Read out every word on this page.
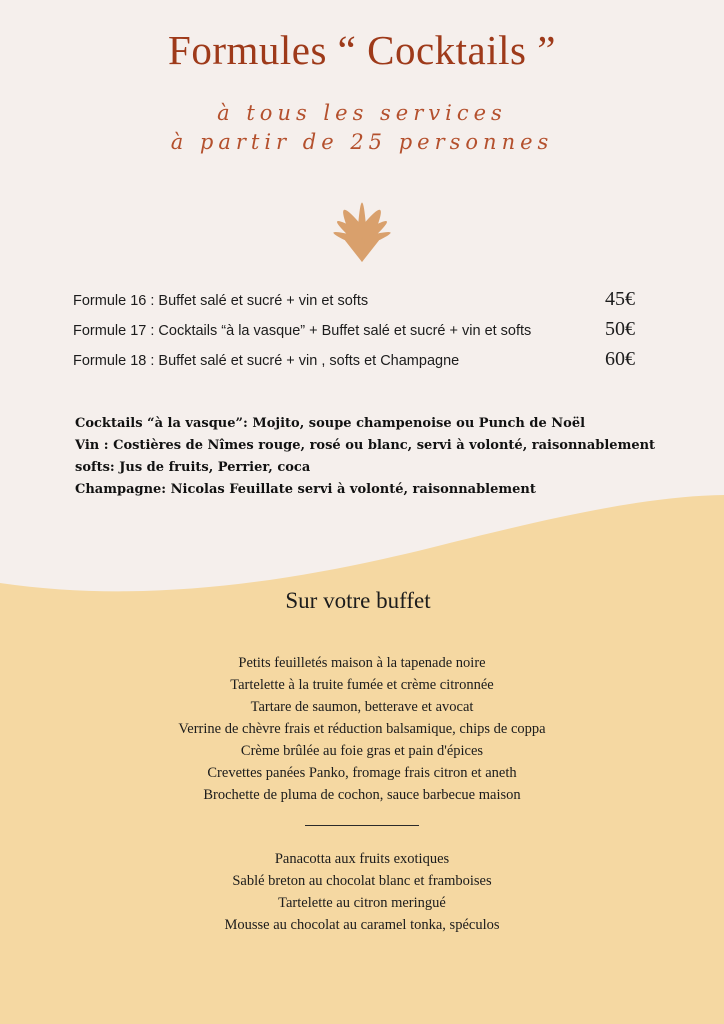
Formules “ Cocktails ”
à tous les services
à partir de 25 personnes
Formule 16 : Buffet salé et sucré + vin et softs	45€
Formule 17 : Cocktails “à la vasque” + Buffet salé et sucré + vin et softs	50€
Formule 18 : Buffet salé et sucré + vin , softs et Champagne	60€
Cocktails “à la vasque”: Mojito, soupe champenoise ou Punch de Noël
Vin : Costières de Nîmes rouge, rosé ou blanc, servi à volonté, raisonnablement
softs: Jus de fruits, Perrier, coca
Champagne: Nicolas Feuillate servi à volonté, raisonnablement
Sur votre buffet
Petits feuilletés maison à la tapenade noire
Tartelette à la truite fumée et crème citronnée
Tartare de saumon, betterave et avocat
Verrine de chèvre frais et réduction balsamique, chips de coppa
Crème brûlée au foie gras et pain d'épices
Crevettes panées Panko, fromage frais citron et aneth
Brochette de pluma de cochon, sauce barbecue maison
Panacotta aux fruits exotiques
Sablé breton au chocolat blanc et framboises
Tartelette au citron meringué
Mousse au chocolat au caramel tonka, spéculos
